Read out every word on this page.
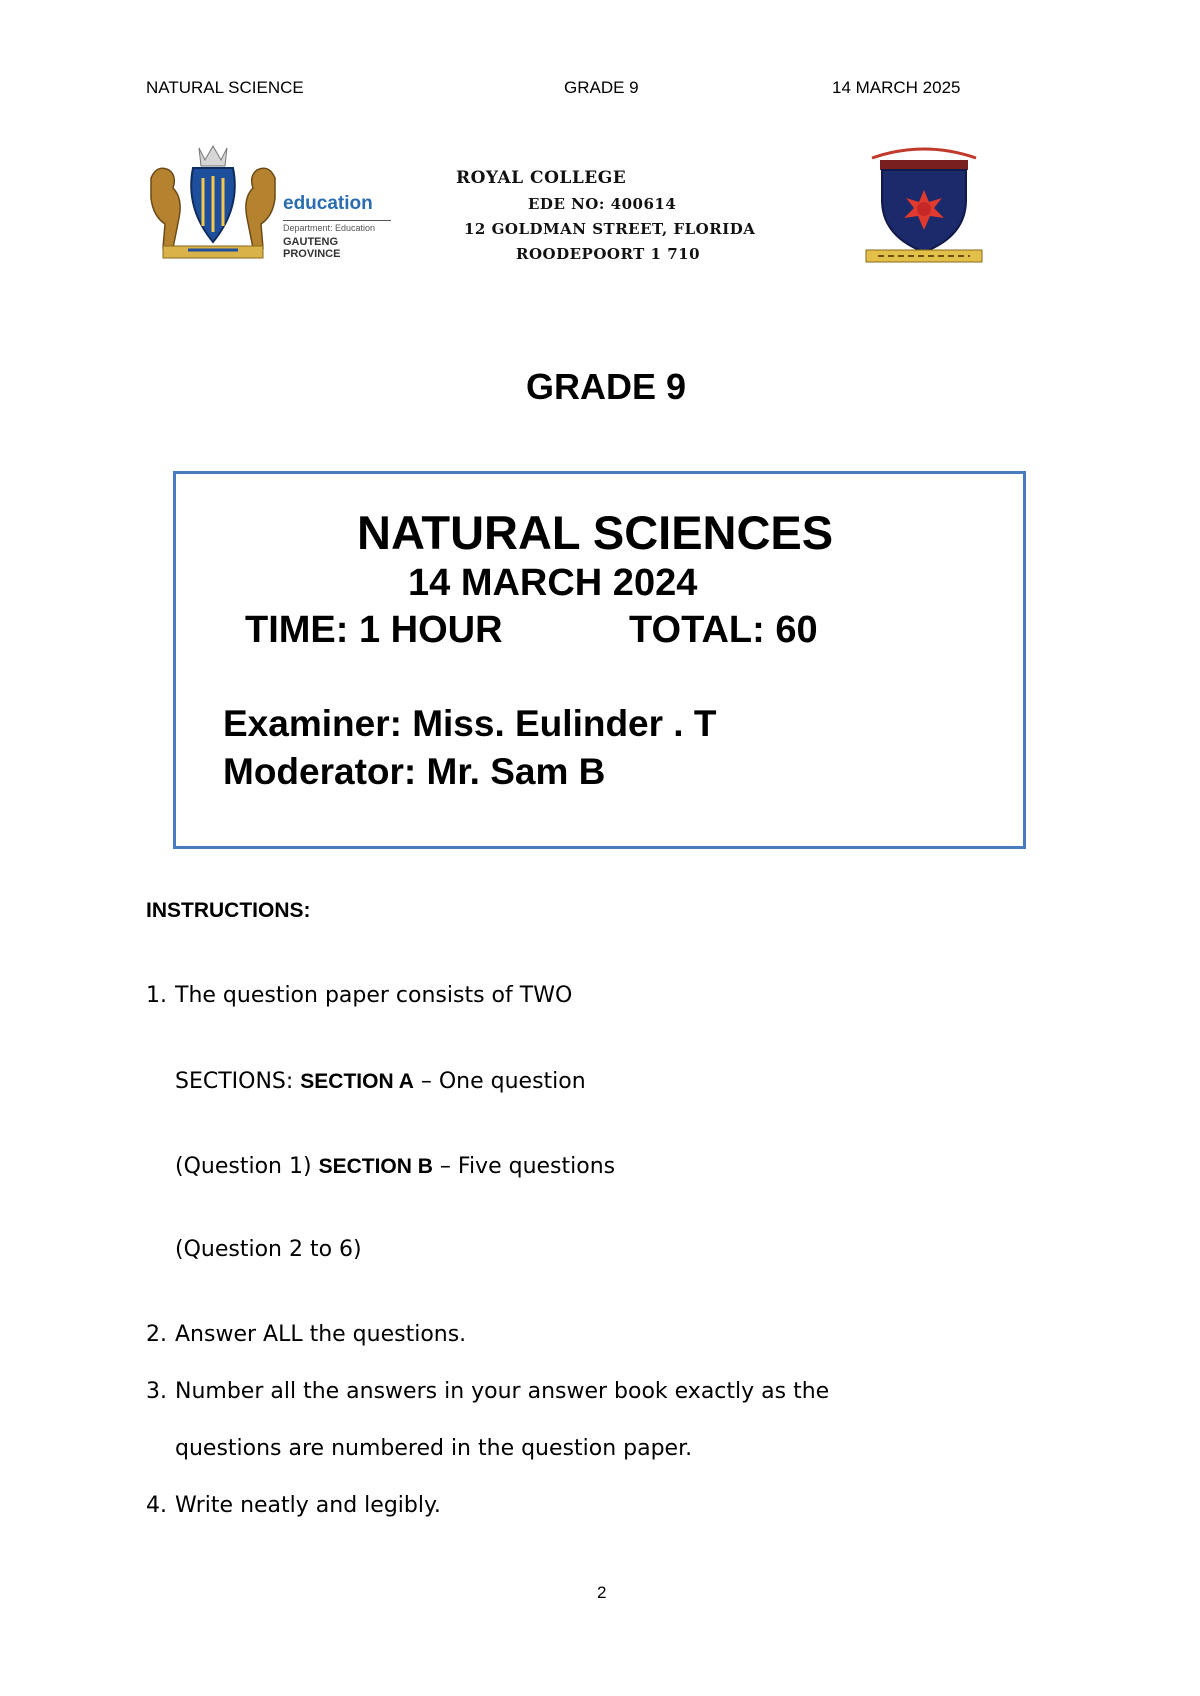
NATURAL SCIENCE	GRADE 9	14 MARCH 2025
education
Department: Education
GAUTENG PROVINCE
ROYAL COLLEGE
EDE NO: 400614
12 GOLDMAN STREET, FLORIDA
ROODEPOORT 1 710
GRADE 9
NATURAL SCIENCES
14 MARCH 2024
TIME: 1 HOUR	TOTAL: 60
Examiner: Miss. Eulinder . T
Moderator: Mr. Sam B
INSTRUCTIONS:
1. The question paper consists of TWO
SECTIONS: SECTION A – One question
(Question 1) SECTION B – Five questions
(Question 2 to 6)
2. Answer ALL the questions.
3. Number all the answers in your answer book exactly as the
questions are numbered in the question paper.
4. Write neatly and legibly.
2
